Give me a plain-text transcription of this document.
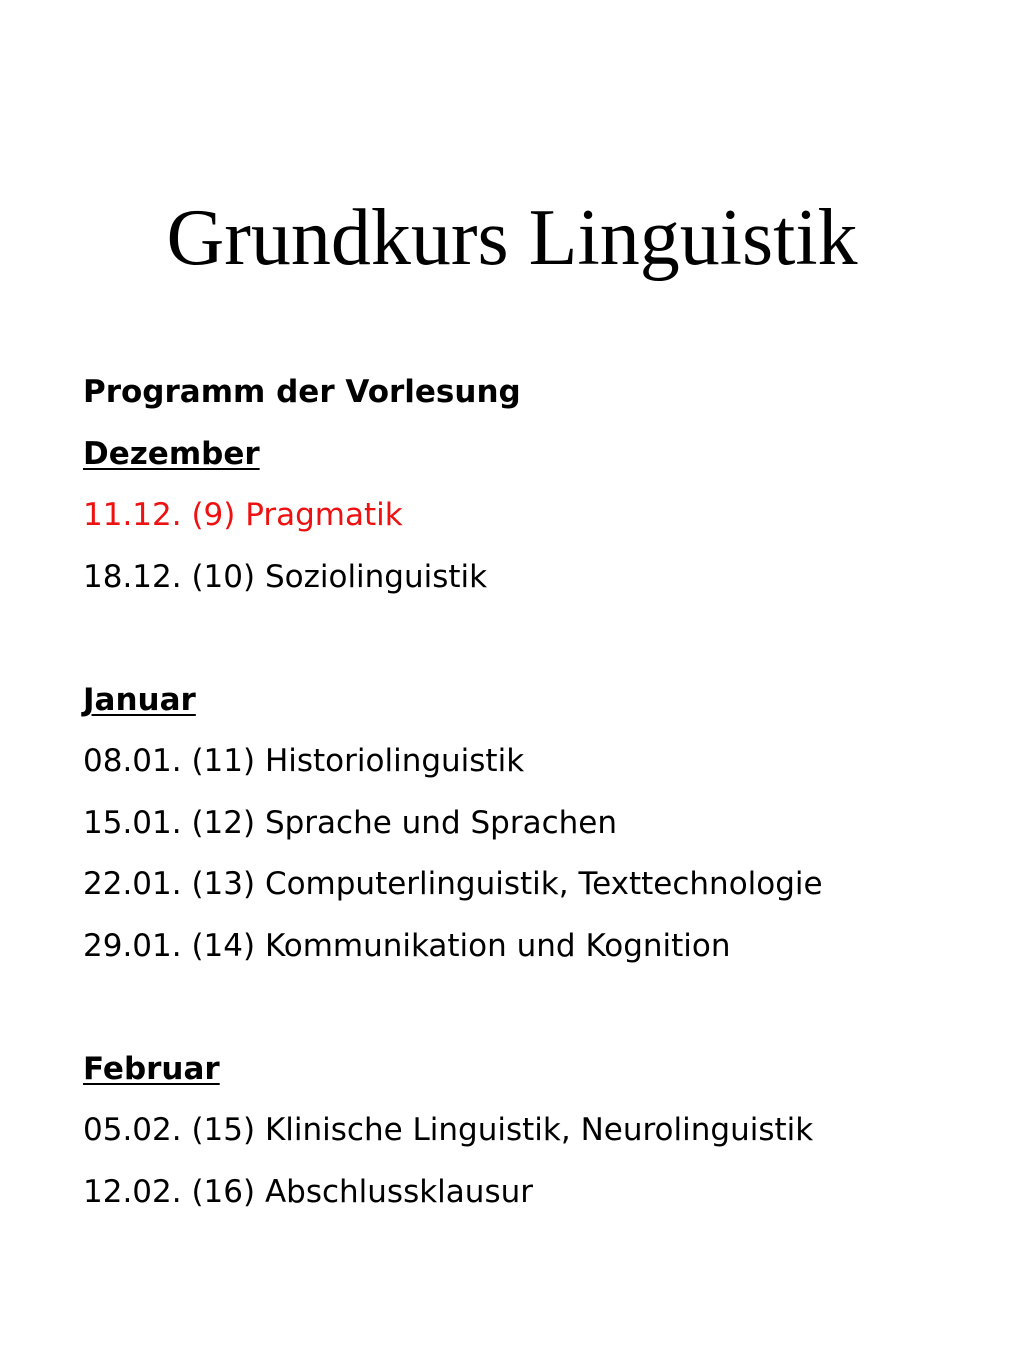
Grundkurs Linguistik

Programm der Vorlesung

Dezember

11.12. (9) Pragmatik

18.12. (10) Soziolinguistik

Januar

08.01. (11) Historiolinguistik

15.01. (12) Sprache und Sprachen

22.01. (13) Computerlinguistik, Texttechnologie

29.01. (14) Kommunikation und Kognition

Februar

05.02. (15) Klinische Linguistik, Neurolinguistik

12.02. (16) Abschlussklausur
